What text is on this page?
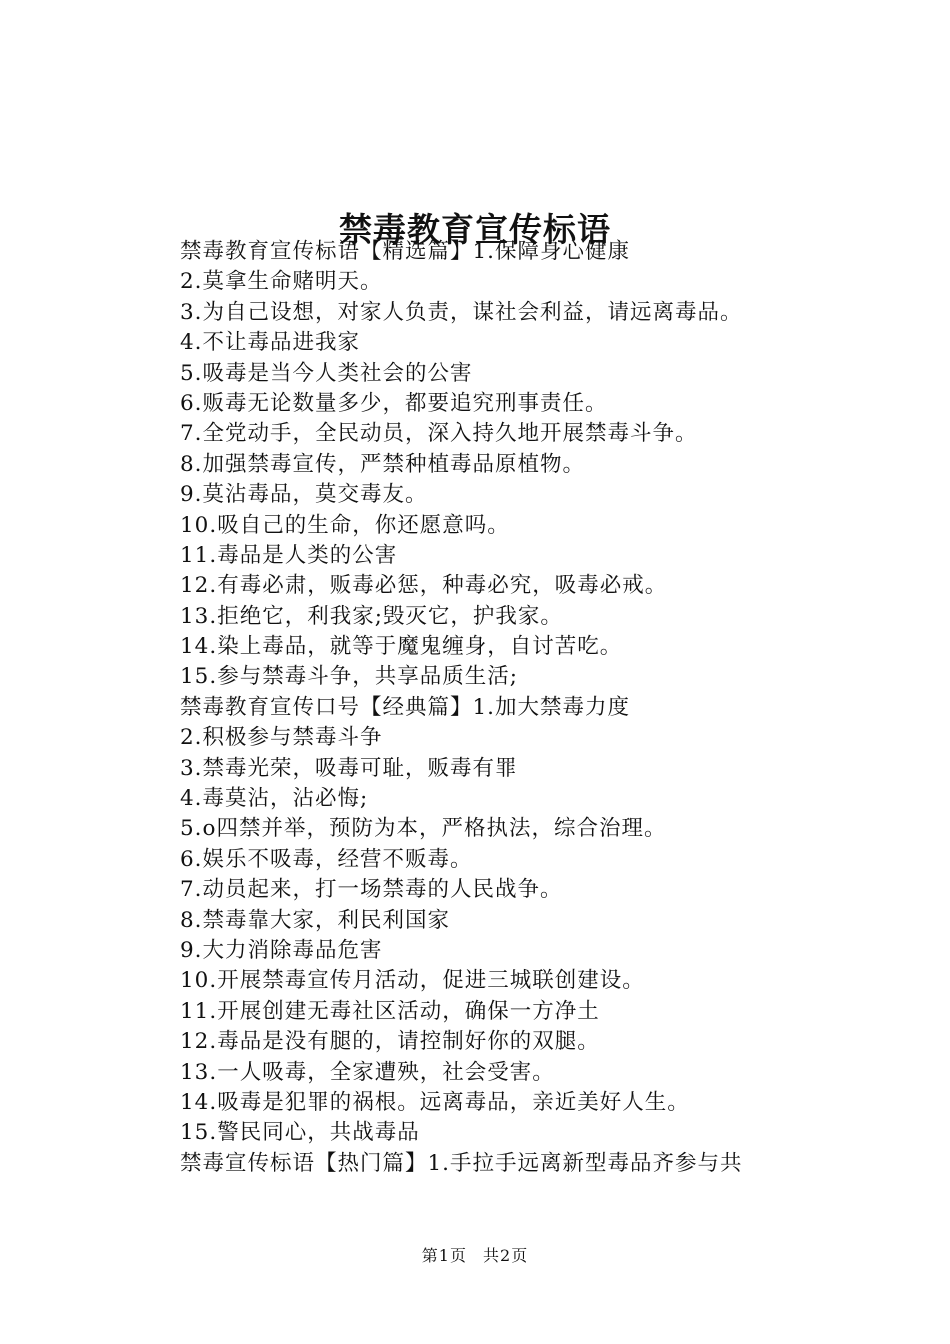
禁毒教育宣传标语
禁毒教育宣传标语【精选篇】1.保障身心健康
2.莫拿生命赌明天。
3.为自己设想，对家人负责，谋社会利益，请远离毒品。
4.不让毒品进我家
5.吸毒是当今人类社会的公害
6.贩毒无论数量多少，都要追究刑事责任。
7.全党动手，全民动员，深入持久地开展禁毒斗争。
8.加强禁毒宣传，严禁种植毒品原植物。
9.莫沾毒品，莫交毒友。
10.吸自己的生命，你还愿意吗。
11.毒品是人类的公害
12.有毒必肃，贩毒必惩，种毒必究，吸毒必戒。
13.拒绝它，利我家;毁灭它，护我家。
14.染上毒品，就等于魔鬼缠身，自讨苦吃。
15.参与禁毒斗争，共享品质生活;
禁毒教育宣传口号【经典篇】1.加大禁毒力度
2.积极参与禁毒斗争
3.禁毒光荣，吸毒可耻，贩毒有罪
4.毒莫沾，沾必悔;
5.o四禁并举，预防为本，严格执法，综合治理。
6.娱乐不吸毒，经营不贩毒。
7.动员起来，打一场禁毒的人民战争。
8.禁毒靠大家，利民利国家
9.大力消除毒品危害
10.开展禁毒宣传月活动，促进三城联创建设。
11.开展创建无毒社区活动，确保一方净土
12.毒品是没有腿的，请控制好你的双腿。
13.一人吸毒，全家遭殃，社会受害。
14.吸毒是犯罪的祸根。远离毒品，亲近美好人生。
15.警民同心，共战毒品
禁毒宣传标语【热门篇】1.手拉手远离新型毒品齐参与共
第1页 共2页
